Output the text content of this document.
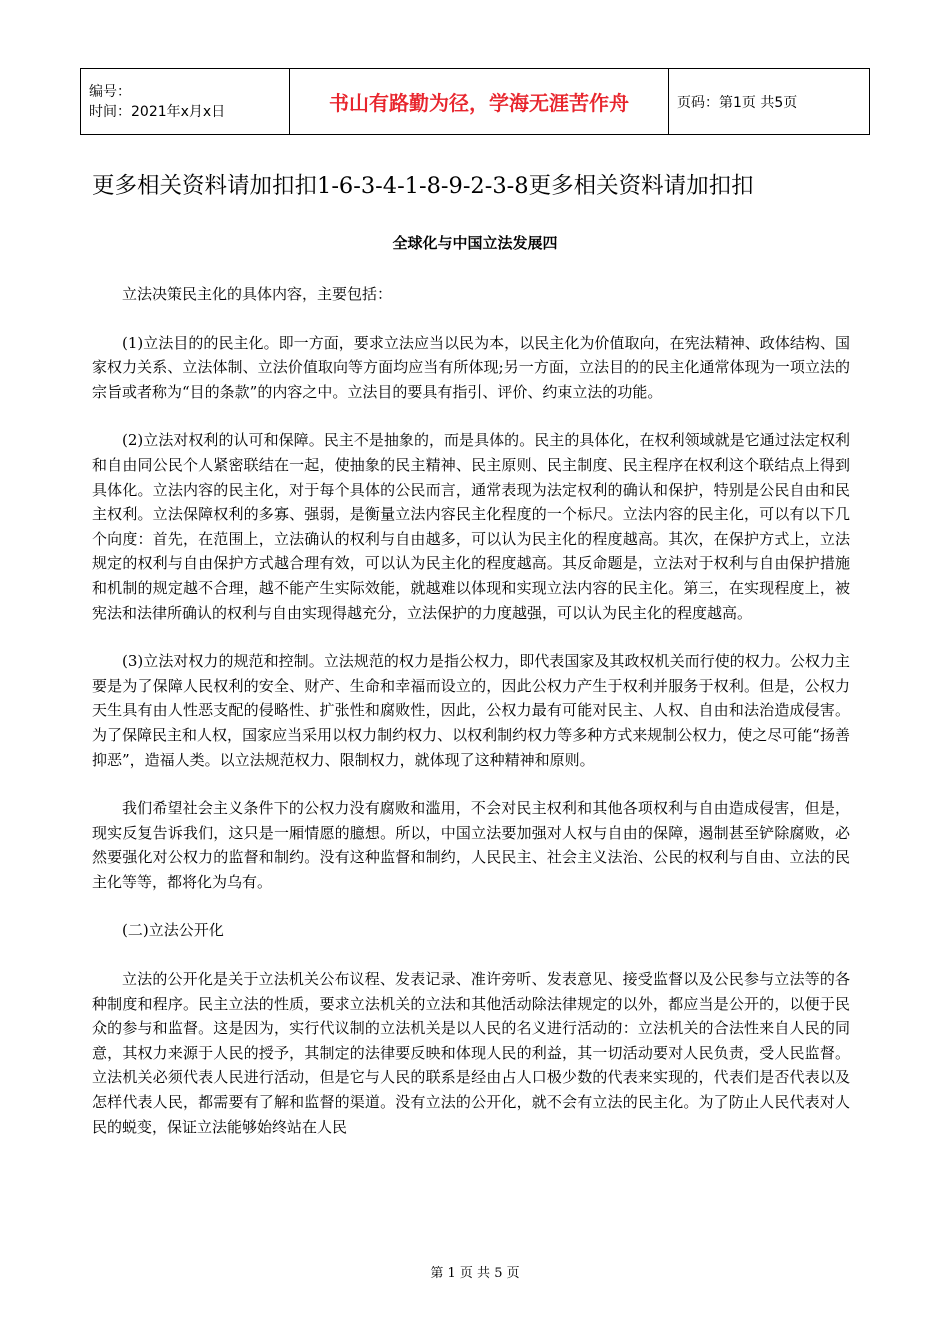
编号：
时间：2021年x月x日	书山有路勤为径，学海无涯苦作舟	页码：第1页 共5页
更多相关资料请加扣扣1-6-3-4-1-8-9-2-3-8更多相关资料请加扣扣
全球化与中国立法发展四

立法决策民主化的具体内容，主要包括：

(1)立法目的的民主化。即一方面，要求立法应当以民为本，以民主化为价值取向，在宪法精神、政体结构、国家权力关系、立法体制、立法价值取向等方面均应当有所体现;另一方面，立法目的的民主化通常体现为一项立法的宗旨或者称为“目的条款”的内容之中。立法目的要具有指引、评价、约束立法的功能。

(2)立法对权利的认可和保障。民主不是抽象的，而是具体的。民主的具体化，在权利领域就是它通过法定权利和自由同公民个人紧密联结在一起，使抽象的民主精神、民主原则、民主制度、民主程序在权利这个联结点上得到具体化。立法内容的民主化，对于每个具体的公民而言，通常表现为法定权利的确认和保护，特别是公民自由和民主权利。立法保障权利的多寡、强弱，是衡量立法内容民主化程度的一个标尺。立法内容的民主化，可以有以下几个向度：首先，在范围上，立法确认的权利与自由越多，可以认为民主化的程度越高。其次，在保护方式上，立法规定的权利与自由保护方式越合理有效，可以认为民主化的程度越高。其反命题是，立法对于权利与自由保护措施和机制的规定越不合理，越不能产生实际效能，就越难以体现和实现立法内容的民主化。第三，在实现程度上，被宪法和法律所确认的权利与自由实现得越充分，立法保护的力度越强，可以认为民主化的程度越高。

(3)立法对权力的规范和控制。立法规范的权力是指公权力，即代表国家及其政权机关而行使的权力。公权力主要是为了保障人民权利的安全、财产、生命和幸福而设立的，因此公权力产生于权利并服务于权利。但是，公权力天生具有由人性恶支配的侵略性、扩张性和腐败性，因此，公权力最有可能对民主、人权、自由和法治造成侵害。为了保障民主和人权，国家应当采用以权力制约权力、以权利制约权力等多种方式来规制公权力，使之尽可能“扬善抑恶”，造福人类。以立法规范权力、限制权力，就体现了这种精神和原则。

我们希望社会主义条件下的公权力没有腐败和滥用，不会对民主权利和其他各项权利与自由造成侵害，但是，现实反复告诉我们，这只是一厢情愿的臆想。所以，中国立法要加强对人权与自由的保障，遏制甚至铲除腐败，必然要强化对公权力的监督和制约。没有这种监督和制约，人民民主、社会主义法治、公民的权利与自由、立法的民主化等等，都将化为乌有。

(二)立法公开化

立法的公开化是关于立法机关公布议程、发表记录、准许旁听、发表意见、接受监督以及公民参与立法等的各种制度和程序。民主立法的性质，要求立法机关的立法和其他活动除法律规定的以外，都应当是公开的，以便于民众的参与和监督。这是因为，实行代议制的立法机关是以人民的名义进行活动的：立法机关的合法性来自人民的同意，其权力来源于人民的授予，其制定的法律要反映和体现人民的利益，其一切活动要对人民负责，受人民监督。立法机关必须代表人民进行活动，但是它与人民的联系是经由占人口极少数的代表来实现的，代表们是否代表以及怎样代表人民，都需要有了解和监督的渠道。没有立法的公开化，就不会有立法的民主化。为了防止人民代表对人民的蜕变，保证立法能够始终站在人民

第 1 页 共 5 页
